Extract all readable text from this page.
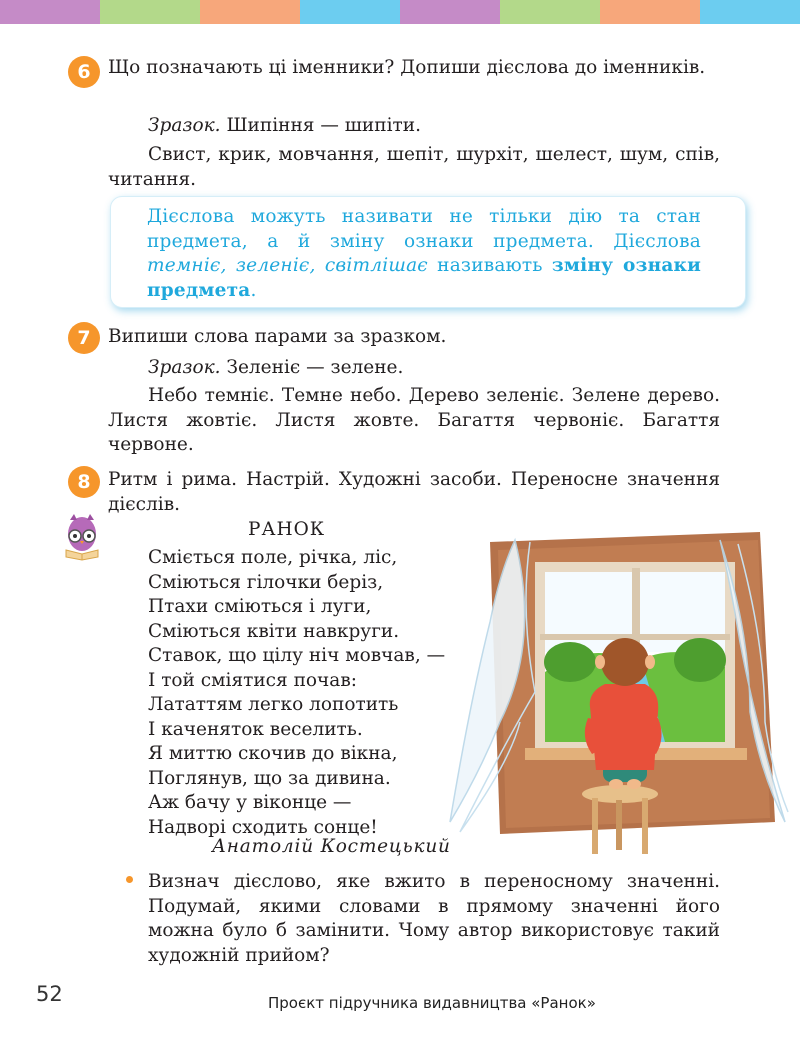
6 Що позначають ці іменники? Допиши дієслова до іменників.

Зразок. Шипіння — шипіти.

Свист, крик, мовчання, шепіт, шурхіт, шелест, шум, спів, читання.

Дієслова можуть називати не тільки дію та стан предмета, а й зміну ознаки предмета. Дієслова темніє, зеленіє, світлішає називають зміну ознаки предмета.

7 Випиши слова парами за зразком.

Зразок. Зеленіє — зелене.

Небо темніє. Темне небо. Дерево зеленіє. Зелене дерево. Листя жовтіє. Листя жовте. Багаття червоніє. Багаття червоне.

8 Ритм і рима. Настрій. Художні засоби. Переносне значення дієслів.

РАНОК
Сміється поле, річка, ліс,
Сміються гілочки беріз,
Птахи сміються і луги,
Сміються квіти навкруги.
Ставок, що цілу ніч мовчав, —
І той сміятися почав:
Лататтям легко лопотить
І каченяток веселить.
Я миттю скочив до вікна,
Поглянув, що за дивина.
Аж бачу у віконце —
Надворі сходить сонце!
Анатолій Костецький

Визнач дієслово, яке вжито в переносному значенні. Подумай, якими словами в прямому значенні його можна було б замінити. Чому автор використовує такий художній прийом?

52	Проєкт підручника видавництва «Ранок»
